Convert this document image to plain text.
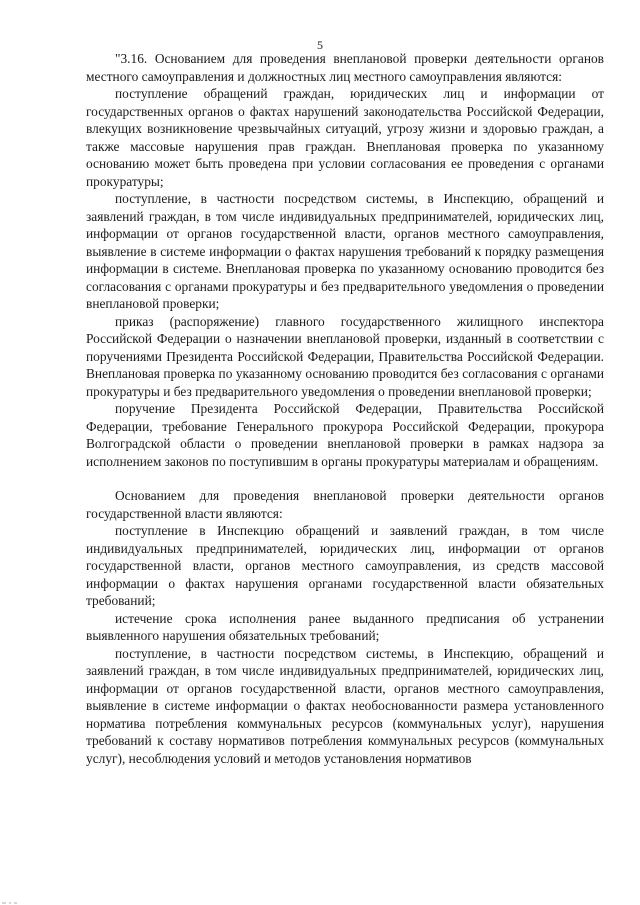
5

"3.16. Основанием для проведения внеплановой проверки деятельности органов местного самоуправления и должностных лиц местного самоуправления являются:

поступление обращений граждан, юридических лиц и информации от государственных органов о фактах нарушений законодательства Российской Федерации, влекущих возникновение чрезвычайных ситуаций, угрозу жизни и здоровью граждан, а также массовые нарушения прав граждан. Внеплановая проверка по указанному основанию может быть проведена при условии согласования ее проведения с органами прокуратуры;

поступление, в частности посредством системы, в Инспекцию, обращений и заявлений граждан, в том числе индивидуальных предпринимателей, юридических лиц, информации от органов государственной власти, органов местного самоуправления, выявление в системе информации о фактах нарушения требований к порядку размещения информации в системе. Внеплановая проверка по указанному основанию проводится без согласования с органами прокуратуры и без предварительного уведомления о проведении внеплановой проверки;

приказ (распоряжение) главного государственного жилищного инспектора Российской Федерации о назначении внеплановой проверки, изданный в соответствии с поручениями Президента Российской Федерации, Правительства Российской Федерации. Внеплановая проверка по указанному основанию проводится без согласования с органами прокуратуры и без предварительного уведомления о проведении внеплановой проверки;

поручение Президента Российской Федерации, Правительства Российской Федерации, требование Генерального прокурора Российской Федерации, прокурора Волгоградской области о проведении внеплановой проверки в рамках надзора за исполнением законов по поступившим в органы прокуратуры материалам и обращениям.

Основанием для проведения внеплановой проверки деятельности органов государственной власти являются:

поступление в Инспекцию обращений и заявлений граждан, в том числе индивидуальных предпринимателей, юридических лиц, информации от органов государственной власти, органов местного самоуправления, из средств массовой информации о фактах нарушения органами государственной власти обязательных требований;

истечение срока исполнения ранее выданного предписания об устранении выявленного нарушения обязательных требований;

поступление, в частности посредством системы, в Инспекцию, обращений и заявлений граждан, в том числе индивидуальных предпринимателей, юридических лиц, информации от органов государственной власти, органов местного самоуправления, выявление в системе информации о фактах необоснованности размера установленного норматива потребления коммунальных ресурсов (коммунальных услуг), нарушения требований к составу нормативов потребления коммунальных ресурсов (коммунальных услуг), несоблюдения условий и методов установления нормативов
